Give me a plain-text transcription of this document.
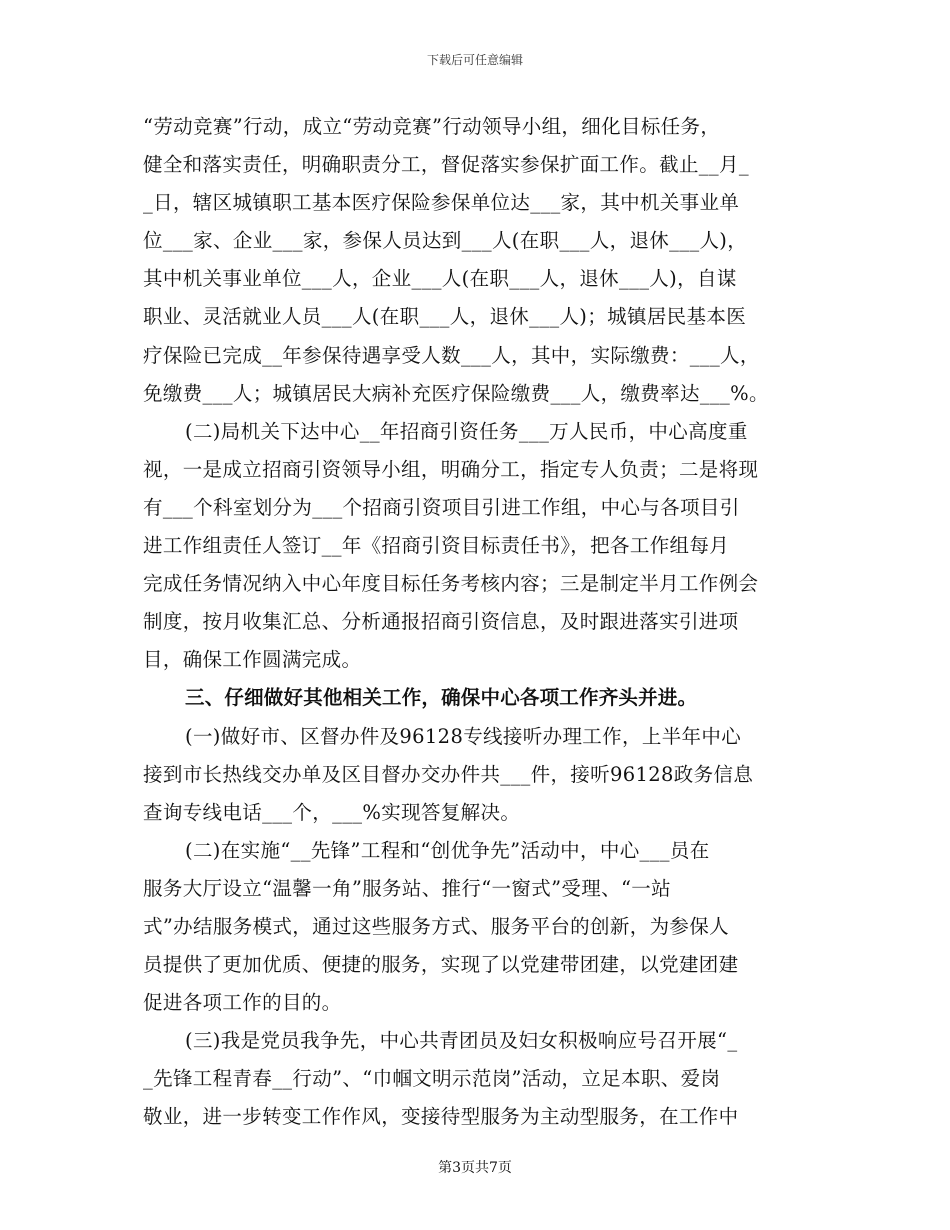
下载后可任意编辑
“劳动竞赛”行动，成立“劳动竞赛”行动领导小组，细化目标任务，
健全和落实责任，明确职责分工，督促落实参保扩面工作。截止__月_
_日，辖区城镇职工基本医疗保险参保单位达___家，其中机关事业单
位___家、企业___家，参保人员达到___人(在职___人，退休___人)，
其中机关事业单位___人，企业___人(在职___人，退休___人)，自谋
职业、灵活就业人员___人(在职___人，退休___人)；城镇居民基本医
疗保险已完成__年参保待遇享受人数___人，其中，实际缴费：___人，
免缴费___人；城镇居民大病补充医疗保险缴费___人，缴费率达___%。
(二)局机关下达中心__年招商引资任务___万人民币，中心高度重
视，一是成立招商引资领导小组，明确分工，指定专人负责；二是将现
有___个科室划分为___个招商引资项目引进工作组，中心与各项目引
进工作组责任人签订__年《招商引资目标责任书》，把各工作组每月
完成任务情况纳入中心年度目标任务考核内容；三是制定半月工作例会
制度，按月收集汇总、分析通报招商引资信息，及时跟进落实引进项
目，确保工作圆满完成。
三、仔细做好其他相关工作，确保中心各项工作齐头并进。
(一)做好市、区督办件及96128专线接听办理工作，上半年中心
接到市长热线交办单及区目督办交办件共___件，接听96128政务信息
查询专线电话___个，___%实现答复解决。
(二)在实施“__先锋”工程和“创优争先”活动中，中心___员在
服务大厅设立“温馨一角”服务站、推行“一窗式”受理、“一站
式”办结服务模式，通过这些服务方式、服务平台的创新，为参保人
员提供了更加优质、便捷的服务，实现了以党建带团建，以党建团建
促进各项工作的目的。
(三)我是党员我争先，中心共青团员及妇女积极响应号召开展“_
_先锋工程青春__行动”、“巾帼文明示范岗”活动，立足本职、爱岗
敬业，进一步转变工作作风，变接待型服务为主动型服务，在工作中
第3页共7页
